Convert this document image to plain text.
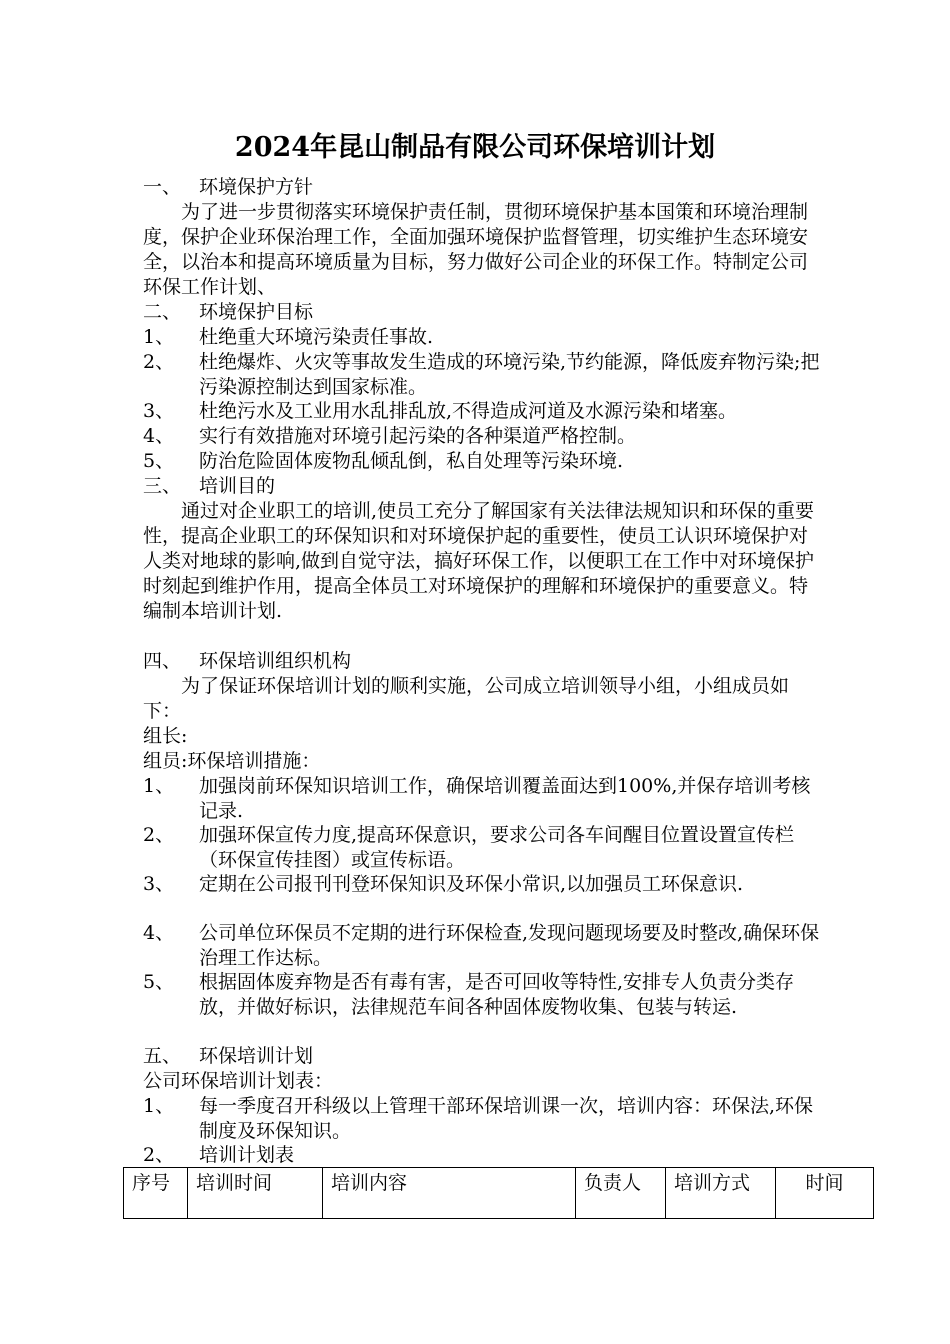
2024年昆山制品有限公司环保培训计划
一、 环境保护方针
为了进一步贯彻落实环境保护责任制，贯彻环境保护基本国策和环境治理制度，保护企业环保治理工作，全面加强环境保护监督管理，切实维护生态环境安全，以治本和提高环境质量为目标，努力做好公司企业的环保工作。特制定公司环保工作计划、
二、 环境保护目标
1、 杜绝重大环境污染责任事故.
2、 杜绝爆炸、火灾等事故发生造成的环境污染,节约能源，降低废弃物污染;把污染源控制达到国家标准。
3、 杜绝污水及工业用水乱排乱放,不得造成河道及水源污染和堵塞。
4、 实行有效措施对环境引起污染的各种渠道严格控制。
5、 防治危险固体废物乱倾乱倒，私自处理等污染环境.
三、 培训目的
通过对企业职工的培训,使员工充分了解国家有关法律法规知识和环保的重要性，提高企业职工的环保知识和对环境保护起的重要性，使员工认识环境保护对人类对地球的影响,做到自觉守法，搞好环保工作，以便职工在工作中对环境保护时刻起到维护作用，提高全体员工对环境保护的理解和环境保护的重要意义。特编制本培训计划.
四、 环保培训组织机构
为了保证环保培训计划的顺利实施，公司成立培训领导小组，小组成员如下：
组长:
组员:环保培训措施：
1、 加强岗前环保知识培训工作，确保培训覆盖面达到100%,并保存培训考核记录.
2、 加强环保宣传力度,提高环保意识，要求公司各车间醒目位置设置宣传栏（环保宣传挂图）或宣传标语。
3、 定期在公司报刊刊登环保知识及环保小常识,以加强员工环保意识.
4、 公司单位环保员不定期的进行环保检查,发现问题现场要及时整改,确保环保治理工作达标。
5、 根据固体废弃物是否有毒有害，是否可回收等特性,安排专人负责分类存放，并做好标识，法律规范车间各种固体废物收集、包装与转运.
五、 环保培训计划
公司环保培训计划表：
1、 每一季度召开科级以上管理干部环保培训课一次，培训内容：环保法,环保制度及环保知识。
2、 培训计划表
序号	培训时间	培训内容	负责人	培训方式	时间
